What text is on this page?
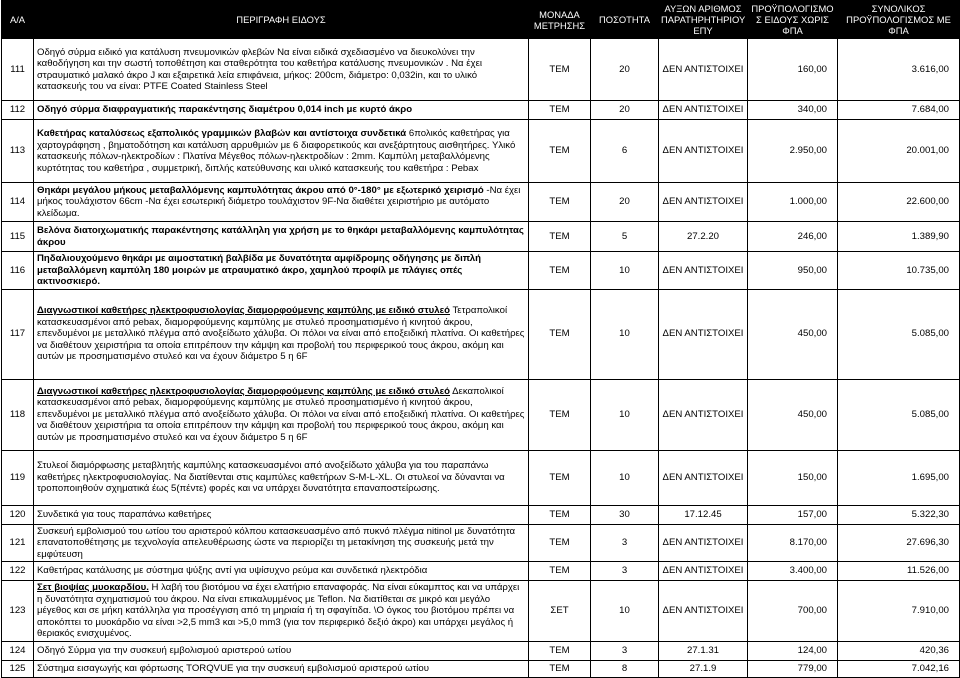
Α/Α	ΠΕΡΙΓΡΑΦΗ ΕΙΔΟΥΣ	ΜΟΝΑΔΑ ΜΕΤΡΗΣΗΣ	ΠΟΣΟΤΗΤΑ	ΑΥΞΩΝ ΑΡΙΘΜΟΣ ΠΑΡΑΤΗΡΗΤΗΡΙΟΥ ΕΠΥ	ΠΡΟΫΠΟΛΟΓΙΣΜΟ Σ ΕΙΔΟΥΣ ΧΩΡΙΣ ΦΠΑ	ΣΥΝΟΛΙΚΟΣ ΠΡΟΫΠΟΛΟΓΙΣΜΟΣ ΜΕ ΦΠΑ
111	Οδηγό σύρμα ειδικό για κατάλυση πνευμονικών φλεβών Να είναι ειδικά σχεδιασμένο να διευκολύνει την καθοδήγηση και την σωστή τοποθέτηση και σταθερότητα του καθετήρα κατάλυσης πνευμονικών . Να έχει στραυματικό μαλακό άκρο J και εξαιρετικά λεία επιφάνεια, μήκος: 200cm, διάμετρο: 0,032in, και το υλικό κατασκευής του να είναι: PTFE Coated Stainless Steel	ΤΕΜ	20	ΔΕΝ ΑΝΤΙΣΤΟΙΧΕΙ	160,00	3.616,00
112	Οδηγό σύρμα διαφραγματικής παρακέντησης διαμέτρου 0,014 inch με κυρτό άκρο	ΤΕΜ	20	ΔΕΝ ΑΝΤΙΣΤΟΙΧΕΙ	340,00	7.684,00
113	Καθετήρας καταλύσεως εξαπολικός γραμμικών βλαβών και αντίστοιχα συνδετικά 6πολικός καθετήρας για χαρτογράφηση , βηματοδότηση και κατάλυση αρρυθμιών με 6 διαφορετικούς και ανεξάρτητους αισθητήρες. Υλικό κατασκευής πόλων-ηλεκτροδίων : Πλατίνα Μέγεθος πόλων-ηλεκτροδίων : 2mm. Καμπύλη μεταβαλλόμενης κυρτότητας του καθετήρα , συμμετρική, διπλής κατεύθυνσης και υλικό κατασκευής του καθετήρα : Pebax	ΤΕΜ	6	ΔΕΝ ΑΝΤΙΣΤΟΙΧΕΙ	2.950,00	20.001,00
114	Θηκάρι μεγάλου μήκους μεταβαλλόμενης καμπυλότητας άκρου από 0°-180° με εξωτερικό χειρισμό -Να έχει μήκος τουλάχιστον 66cm -Να έχει εσωτερική διάμετρο τουλάχιστον 9F-Να διαθέτει χειριστήριο με αυτόματο κλείδωμα.	ΤΕΜ	20	ΔΕΝ ΑΝΤΙΣΤΟΙΧΕΙ	1.000,00	22.600,00
115	Βελόνα διατοιχωματικής παρακέντησης κατάλληλη για χρήση με το θηκάρι μεταβαλλόμενης καμπυλότητας άκρου	ΤΕΜ	5	27.2.20	246,00	1.389,90
116	Πηδαλιουχούμενο θηκάρι με αιμοστατική βαλβίδα με δυνατότητα αμφίδρομης οδήγησης με διπλή μεταβαλλόμενη καμπύλη 180 μοιρών με ατραυματικό άκρο, χαμηλού προφίλ με πλάγιες οπές ακτινοσκιερό.	ΤΕΜ	10	ΔΕΝ ΑΝΤΙΣΤΟΙΧΕΙ	950,00	10.735,00
117	Διαγνωστικοί καθετήρες ηλεκτροφυσιολογίας διαμορφούμενης καμπύλης με ειδικό στυλεό Τετραπολικοί κατασκευασμένοι από pebax, διαμορφούμενης καμπύλης με στυλεό προσηματισμένο ή κινητού άκρου, επενδυμένοι με μεταλλικό πλέγμα από ανοξείδωτο χάλυβα. Οι πόλοι να είναι από εποξειδική πλατίνα. Οι καθετήρες να διαθέτουν χειριστήρια τα οποία επιτρέπουν την κάμψη και προβολή του περιφερικού τους άκρου, ακόμη και αυτών με προσηματισμένο στυλεό και να έχουν διάμετρο 5 η 6F	ΤΕΜ	10	ΔΕΝ ΑΝΤΙΣΤΟΙΧΕΙ	450,00	5.085,00
118	Διαγνωστικοί καθετήρες ηλεκτροφυσιολογίας διαμορφούμενης καμπύλης με ειδικό στυλεό Δεκαπολικοί κατασκευασμένοι από pebax, διαμορφούμενης καμπύλης με στυλεό προσηματισμένο ή κινητού άκρου, επενδυμένοι με μεταλλικό πλέγμα από ανοξείδωτο χάλυβα. Οι πόλοι να είναι από εποξειδική πλατίνα. Οι καθετήρες να διαθέτουν χειριστήρια τα οποία επιτρέπουν την κάμψη και προβολή του περιφερικού τους άκρου, ακόμη και αυτών με προσηματισμένο στυλεό και να έχουν διάμετρο 5 η 6F	ΤΕΜ	10	ΔΕΝ ΑΝΤΙΣΤΟΙΧΕΙ	450,00	5.085,00
119	Στυλεοί διαμόρφωσης μεταβλητής καμπύλης κατασκευασμένοι από ανοξείδωτο χάλυβα για του παραπάνω καθετήρες ηλεκτροφυσιολογίας. Να διατίθενται στις καμπύλες καθετήρων S-M-L-XL. Οι στυλεοί να δύνανται να τροποποιηθούν σχηματικά έως 5(πέντε) φορές και να υπάρχει δυνατότητα επαναποστείρωσης.	ΤΕΜ	10	ΔΕΝ ΑΝΤΙΣΤΟΙΧΕΙ	150,00	1.695,00
120	Συνδετικά για τους παραπάνω καθετήρες	ΤΕΜ	30	17.12.45	157,00	5.322,30
121	Συσκευή εμβολισμού του ωτίου του αριστερού κόλπου κατασκευασμένο από πυκνό πλέγμα nitinol με δυνατότητα επανατοποθέτησης με τεχνολογία απελευθέρωσης ώστε να περιορίζει τη μετακίνηση της συσκευής μετά την εμφύτευση	ΤΕΜ	3	ΔΕΝ ΑΝΤΙΣΤΟΙΧΕΙ	8.170,00	27.696,30
122	Καθετήρας κατάλυσης με σύστημα ψύξης αντί για υψίσυχνο ρεύμα και συνδετικά ηλεκτρόδια	ΤΕΜ	3	ΔΕΝ ΑΝΤΙΣΤΟΙΧΕΙ	3.400,00	11.526,00
123	Σετ βιοψίας μυοκαρδίου. Η λαβή του βιοτόμου να έχει ελατήριο επαναφοράς. Να είναι εύκαμπτος και να υπάρχει η δυνατότητα σχηματισμού του άκρου. Να είναι επικαλυμμένος με Teflon. Να διατίθεται σε μικρό και μεγάλο μέγεθος και σε μήκη κατάλληλα για προσέγγιση από τη μηριαία ή τη σφαγίτιδα. \Ο όγκος του βιοτόμου πρέπει να αποκόπτει το μυοκάρδιο να είναι >2,5 mm3 και >5,0 mm3 (για τον περιφερικό δεξιό άκρο) και υπάρχει μεγάλος ή θεριακός ενισχυμένος.	ΣΕΤ	10	ΔΕΝ ΑΝΤΙΣΤΟΙΧΕΙ	700,00	7.910,00
124	Οδηγό Σύρμα για την συσκευή εμβολισμού αριστερού ωτίου	ΤΕΜ	3	27.1.31	124,00	420,36
125	Σύστημα εισαγωγής και φόρτωσης TORQVUE για την συσκευή εμβολισμού αριστερού ωτίου	ΤΕΜ	8	27.1.9	779,00	7.042,16
